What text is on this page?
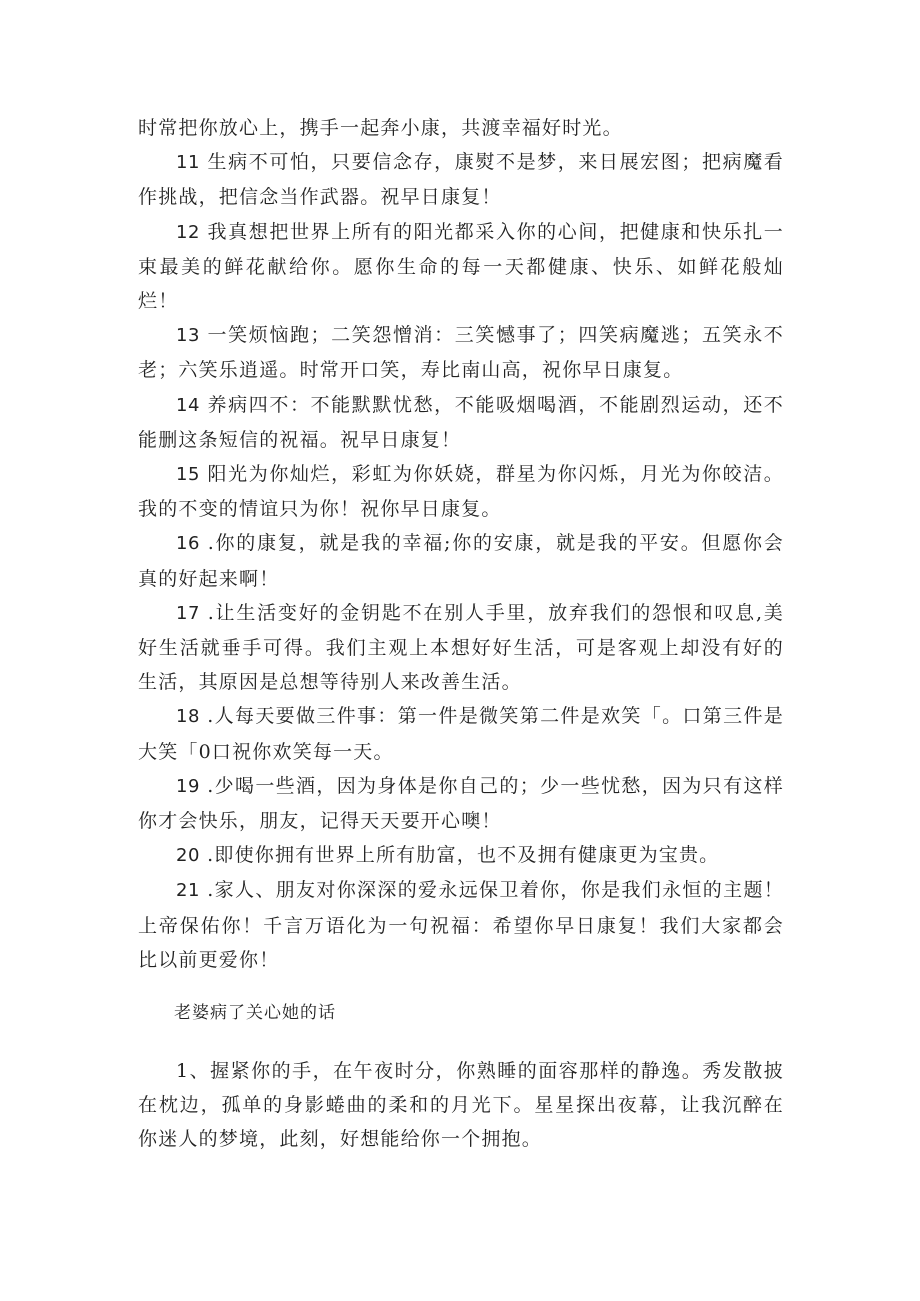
时常把你放心上，携手一起奔小康，共渡幸福好时光。

11 生病不可怕，只要信念存，康熨不是梦，来日展宏图；把病魔看作挑战，把信念当作武器。祝早日康复！

12 我真想把世界上所有的阳光都采入你的心间，把健康和快乐扎一束最美的鲜花献给你。愿你生命的每一天都健康、快乐、如鲜花般灿烂！

13 一笑烦恼跑；二笑怨憎消：三笑憾事了；四笑病魔逃；五笑永不老；六笑乐逍遥。时常开口笑，寿比南山高，祝你早日康复。

14 养病四不：不能默默忧愁，不能吸烟喝酒，不能剧烈运动，还不能删这条短信的祝福。祝早日康复！

15 阳光为你灿烂，彩虹为你妖娆，群星为你闪烁，月光为你皎洁。我的不变的情谊只为你！祝你早日康复。

16 .你的康复，就是我的幸福;你的安康，就是我的平安。但愿你会真的好起来啊！

17 .让生活变好的金钥匙不在别人手里，放弃我们的怨恨和叹息,美好生活就垂手可得。我们主观上本想好好生活，可是客观上却没有好的生活，其原因是总想等待别人来改善生活。

18 .人每天要做三件事：第一件是微笑第二件是欢笑「。口第三件是大笑「0口祝你欢笑每一天。

19 .少喝一些酒，因为身体是你自己的；少一些忧愁，因为只有这样你才会快乐，朋友，记得天天要开心噢！

20 .即使你拥有世界上所有肋富，也不及拥有健康更为宝贵。

21 .家人、朋友对你深深的爱永远保卫着你，你是我们永恒的主题！上帝保佑你！千言万语化为一句祝福：希望你早日康复！我们大家都会比以前更爱你！

老婆病了关心她的话

1、握紧你的手，在午夜时分，你熟睡的面容那样的静逸。秀发散披在枕边，孤单的身影蜷曲的柔和的月光下。星星探出夜幕，让我沉醉在你迷人的梦境，此刻，好想能给你一个拥抱。
